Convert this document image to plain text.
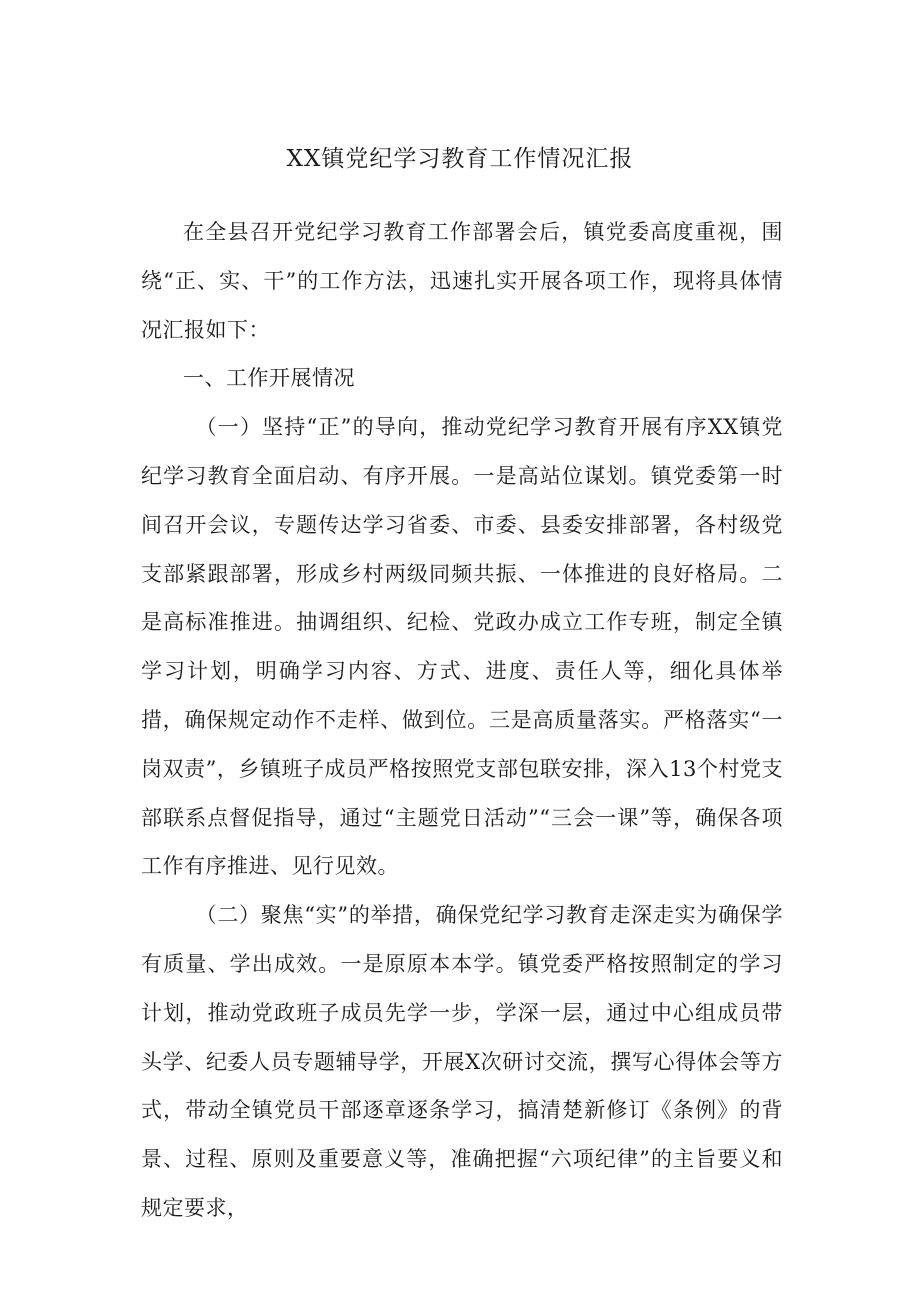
XX镇党纪学习教育工作情况汇报

在全县召开党纪学习教育工作部署会后，镇党委高度重视，围绕“正、实、干”的工作方法，迅速扎实开展各项工作，现将具体情况汇报如下：

一、工作开展情况

（一）坚持“正”的导向，推动党纪学习教育开展有序XX镇党纪学习教育全面启动、有序开展。一是高站位谋划。镇党委第一时间召开会议，专题传达学习省委、市委、县委安排部署，各村级党支部紧跟部署，形成乡村两级同频共振、一体推进的良好格局。二是高标准推进。抽调组织、纪检、党政办成立工作专班，制定全镇学习计划，明确学习内容、方式、进度、责任人等，细化具体举措，确保规定动作不走样、做到位。三是高质量落实。严格落实“一岗双责”，乡镇班子成员严格按照党支部包联安排，深入13个村党支部联系点督促指导，通过“主题党日活动”“三会一课”等，确保各项工作有序推进、见行见效。

（二）聚焦“实”的举措，确保党纪学习教育走深走实为确保学有质量、学出成效。一是原原本本学。镇党委严格按照制定的学习计划，推动党政班子成员先学一步，学深一层，通过中心组成员带头学、纪委人员专题辅导学，开展X次研讨交流，撰写心得体会等方式，带动全镇党员干部逐章逐条学习，搞清楚新修订《条例》的背景、过程、原则及重要意义等，准确把握“六项纪律”的主旨要义和规定要求，
